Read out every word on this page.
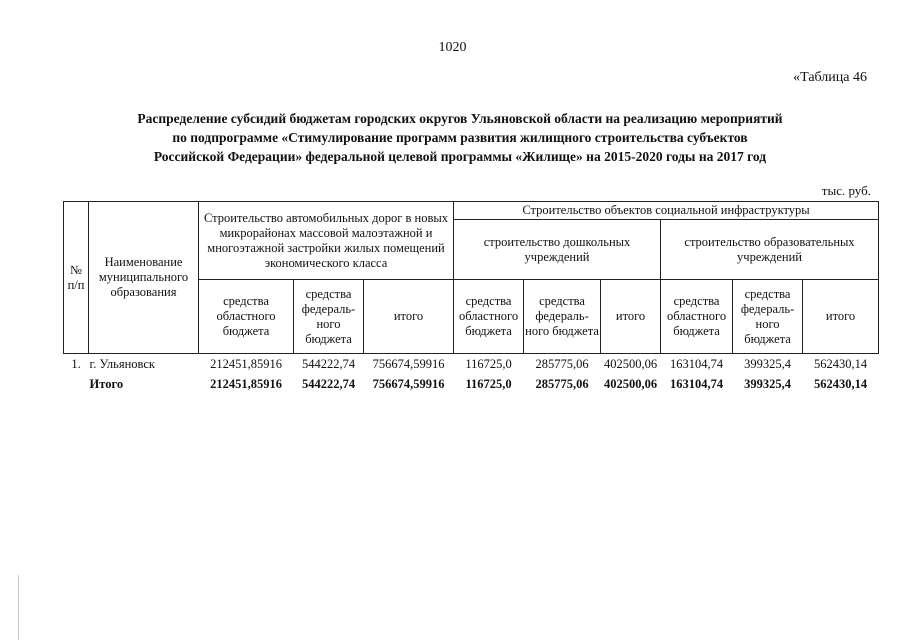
1020
«Таблица 46
Распределение субсидий бюджетам городских округов Ульяновской области на реализацию мероприятий
по подпрограмме «Стимулирование программ развития жилищного строительства субъектов
Российской Федерации» федеральной целевой программы «Жилище» на 2015-2020 годы на 2017 год
тыс. руб.
№ п/п	Наименование муниципального образования	Строительство автомобильных дорог в новых микрорайонах массовой малоэтажной и многоэтажной застройки жилых помещений экономического класса			Строительство объектов социальной инфраструктуры					
					строительство дошкольных учреждений			строительство образовательных учреждений		
		средства областного бюджета	средства федераль-ного бюджета	итого	средства областного бюджета	средства федераль-ного бюджета	итого	средства областного бюджета	средства федераль-ного бюджета	итого
1.	г. Ульяновск	212451,85916	544222,74	756674,59916	116725,0	285775,06	402500,06	163104,74	399325,4	562430,14
	Итого	212451,85916	544222,74	756674,59916	116725,0	285775,06	402500,06	163104,74	399325,4	562430,14
